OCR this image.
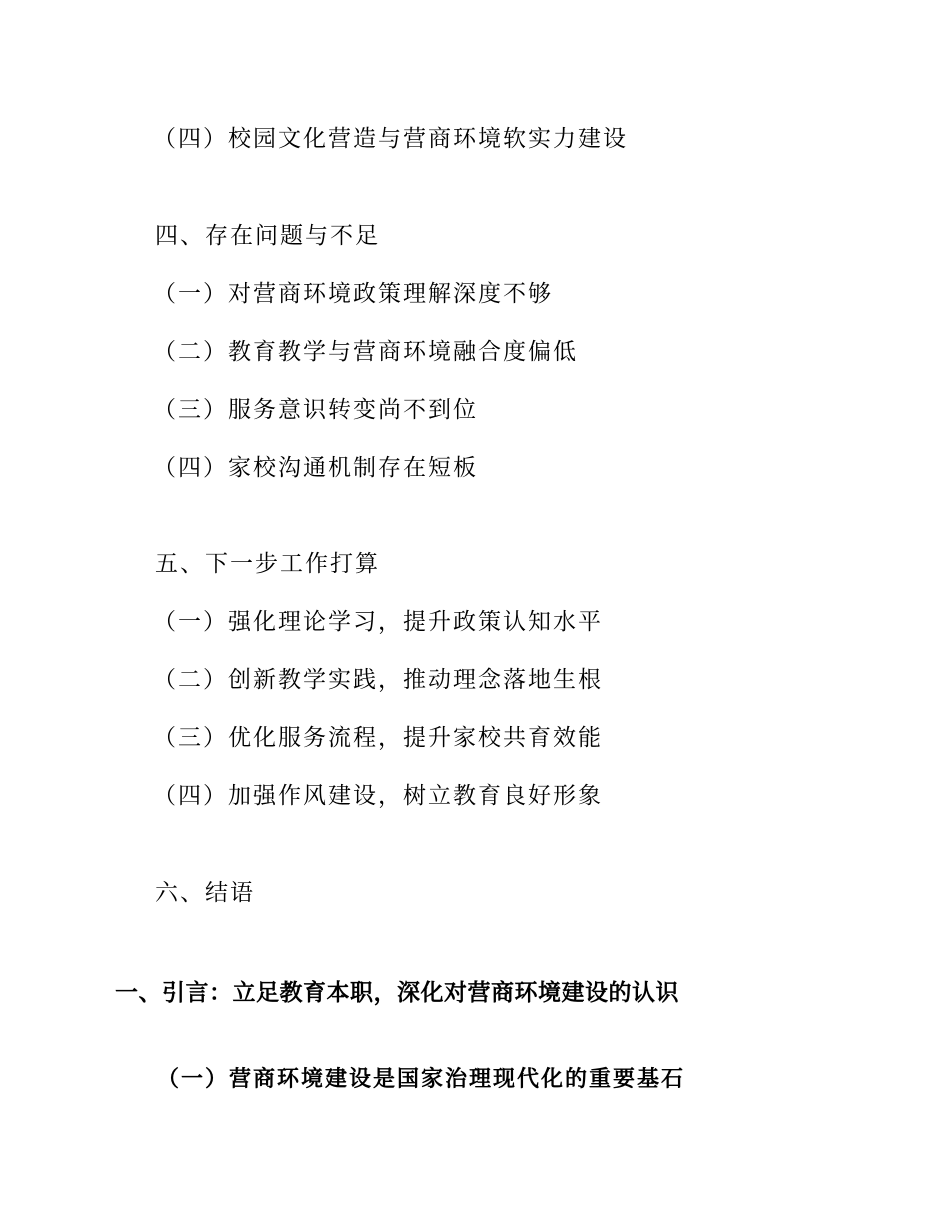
（四）校园文化营造与营商环境软实力建设
四、存在问题与不足
（一）对营商环境政策理解深度不够
（二）教育教学与营商环境融合度偏低
（三）服务意识转变尚不到位
（四）家校沟通机制存在短板
五、下一步工作打算
（一）强化理论学习，提升政策认知水平
（二）创新教学实践，推动理念落地生根
（三）优化服务流程，提升家校共育效能
（四）加强作风建设，树立教育良好形象
六、结语
一、引言：立足教育本职，深化对营商环境建设的认识
（一）营商环境建设是国家治理现代化的重要基石
